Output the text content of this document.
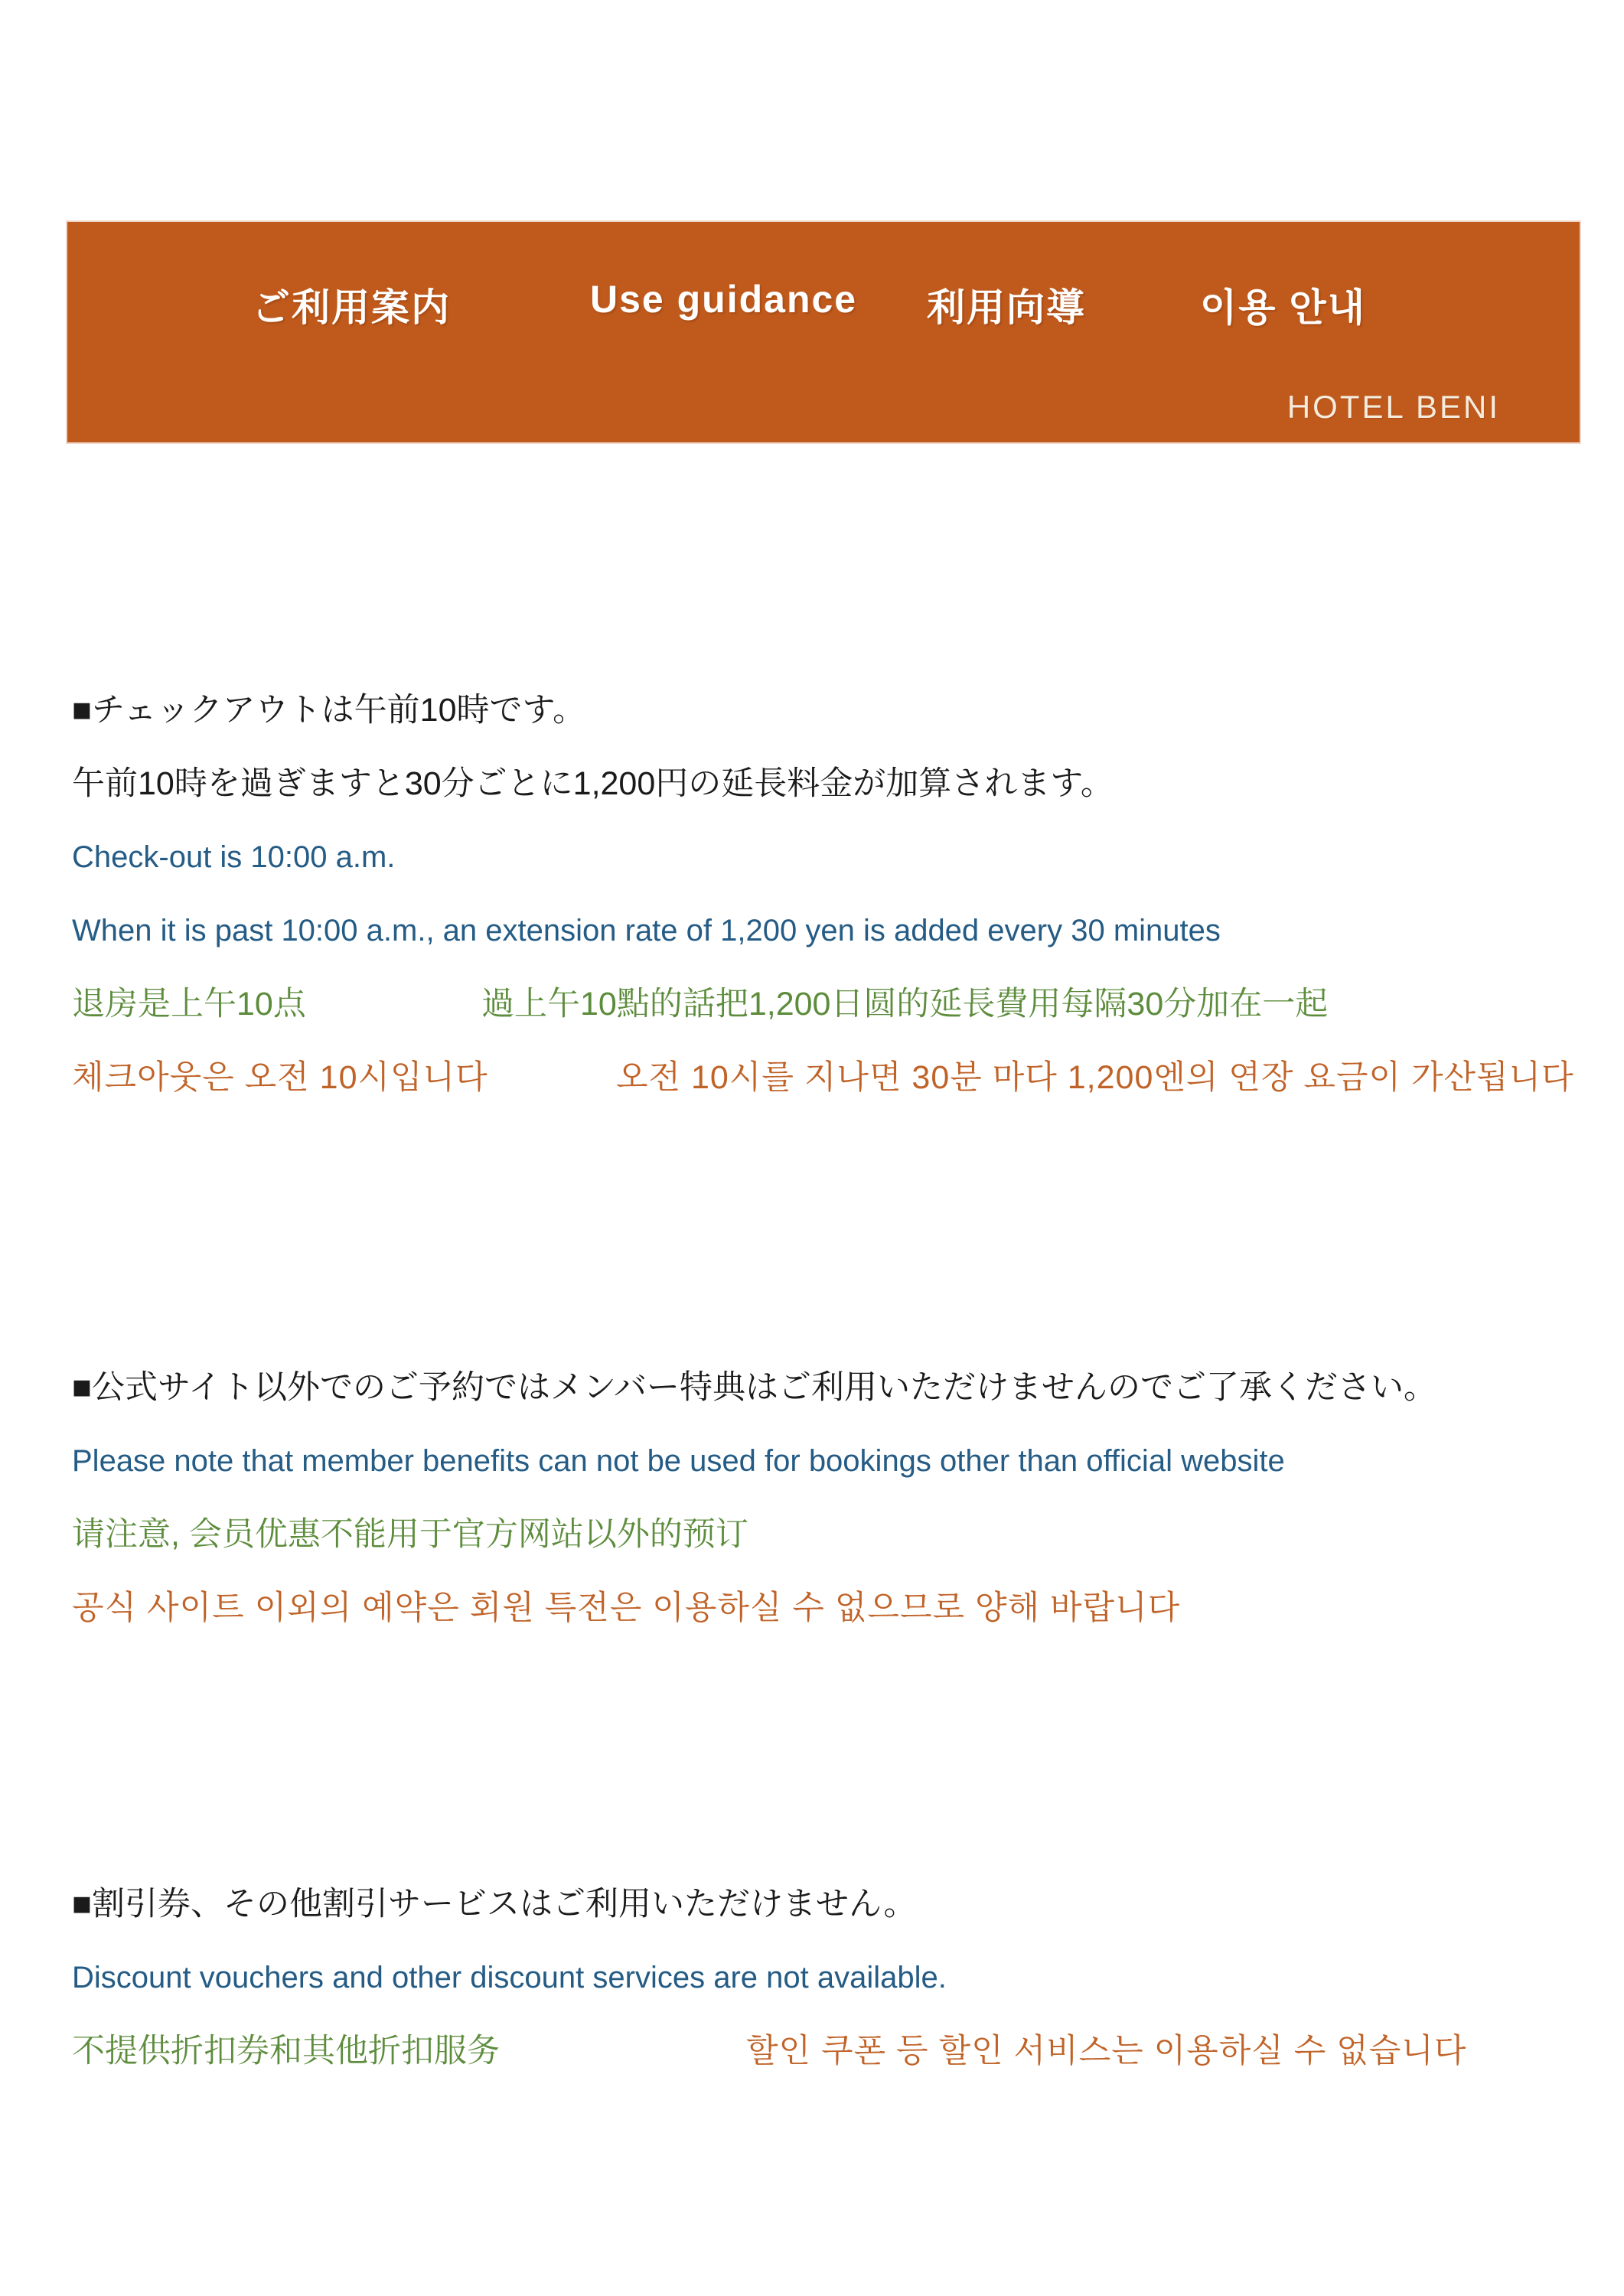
ご利用案内	Use guidance 利用向導	이용 안내
HOTEL BENI
■チェックアウトは午前10時です。
午前10時を過ぎますと30分ごとに1,200円の延長料金が加算されます。
Check-out is 10:00 a.m.
When it is past 10:00 a.m., an extension rate of 1,200 yen is added every 30 minutes
退房是上午10点	過上午10點的話把1,200日圆的延長費用每隔30分加在一起
체크아웃은 오전 10시입니다	오전 10시를 지나면 30분 마다 1,200엔의 연장 요금이 가산됩니다
■公式サイト以外でのご予約ではメンバー特典はご利用いただけませんのでご了承ください。
Please note that member benefits can not be used for bookings other than official website
请注意, 会员优惠不能用于官方网站以外的预订
공식 사이트 이외의 예약은 회원 특전은 이용하실 수 없으므로 양해 바랍니다
■割引券、その他割引サービスはご利用いただけません。
Discount vouchers and other discount services are not available.
不提供折扣券和其他折扣服务	할인 쿠폰 등 할인 서비스는 이용하실 수 없습니다
